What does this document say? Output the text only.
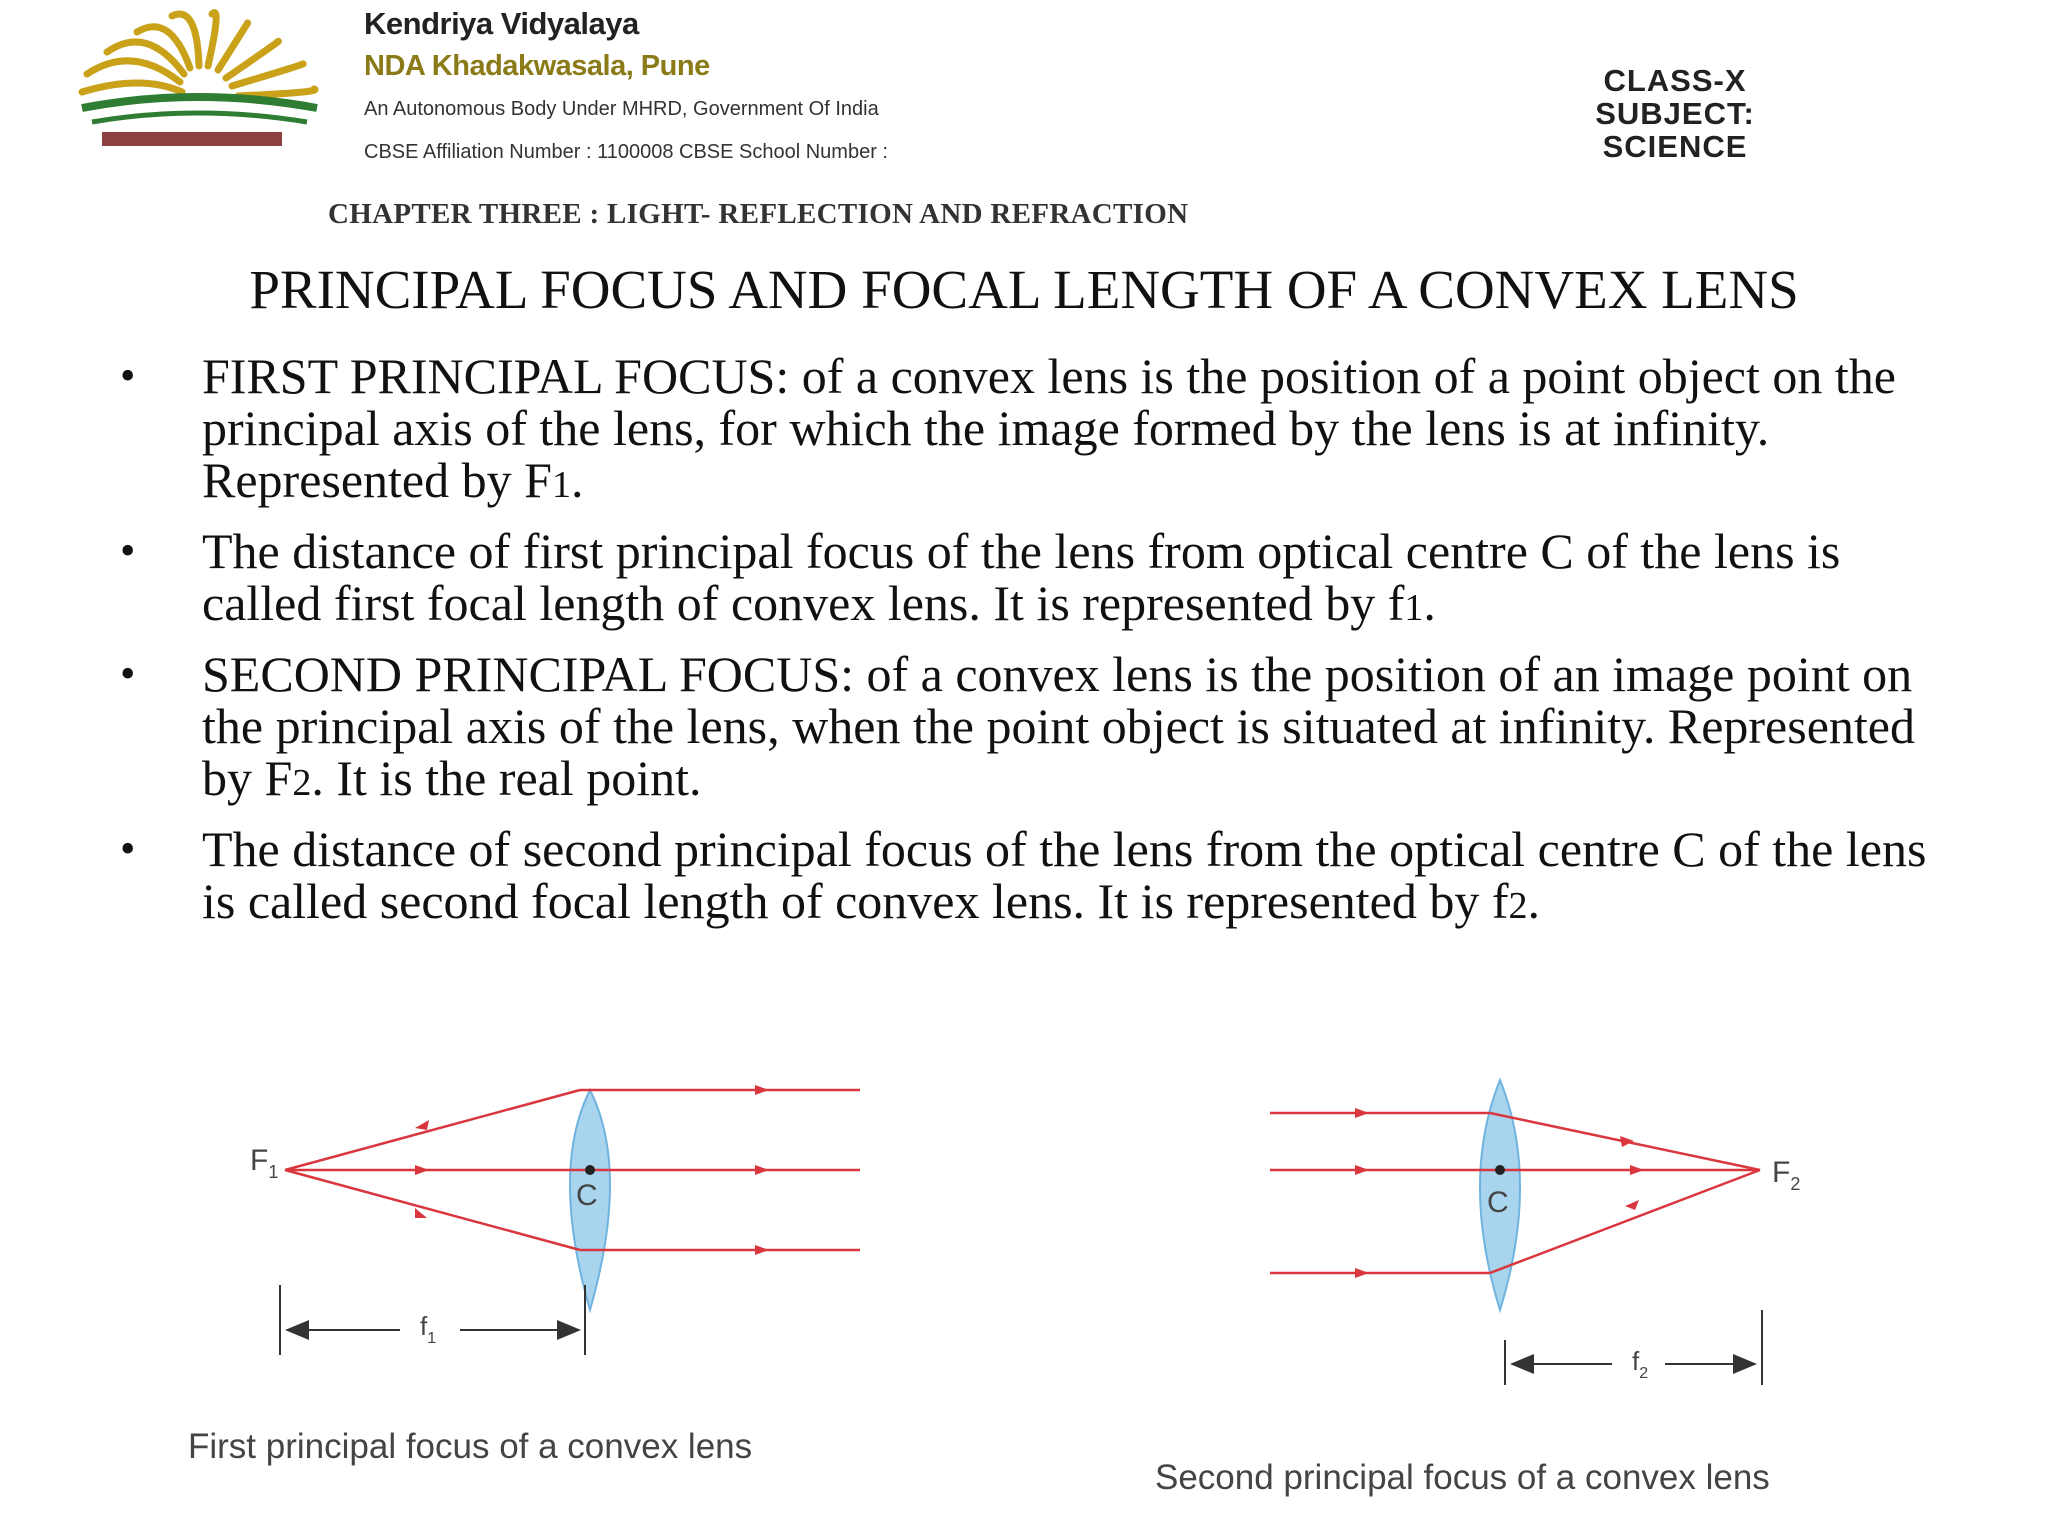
Kendriya Vidyalaya
NDA Khadakwasala, Pune
An Autonomous Body Under MHRD, Government Of India
CBSE Affiliation Number : 1100008 CBSE School Number :
CLASS-X
SUBJECT:
SCIENCE
CHAPTER THREE : LIGHT- REFLECTION AND REFRACTION
PRINCIPAL FOCUS AND FOCAL LENGTH OF A CONVEX LENS
• FIRST PRINCIPAL FOCUS: of a convex lens is the position of a point object on the principal axis of the lens, for which the image formed by the lens is at infinity. Represented by F1.
• The distance of first principal focus of the lens from optical centre C of the lens is called first focal length of convex lens. It is represented by f1.
• SECOND PRINCIPAL FOCUS: of a convex lens is the position of an image point on the principal axis of the lens, when the point object is situated at infinity. Represented by F2. It is the real point.
• The distance of second principal focus of the lens from the optical centre C of the lens is called second focal length of convex lens. It is represented by f2.
$F_1$
C
$f_1$
First principal focus of a convex lens
$F_2$
C
$f_2$
Second principal focus of a convex lens
